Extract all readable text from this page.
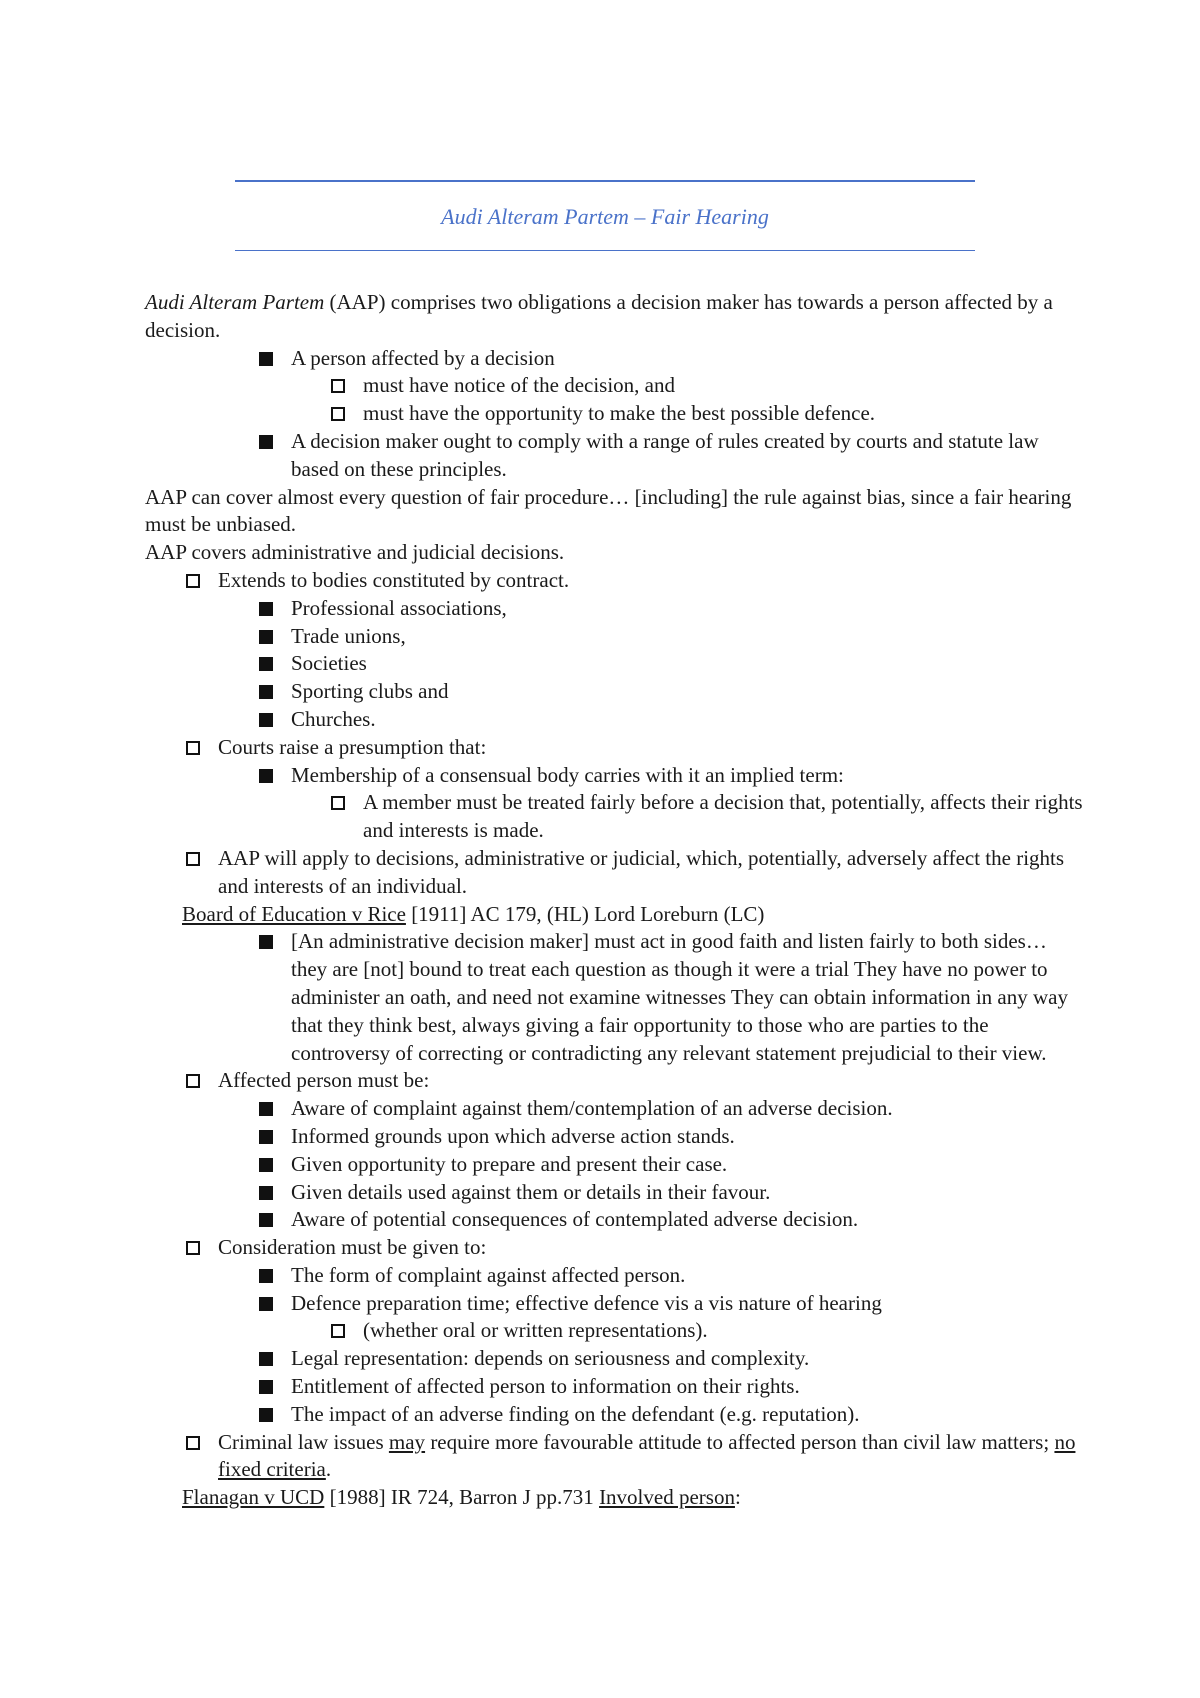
Audi Alteram Partem – Fair Hearing

Audi Alteram Partem (AAP) comprises two obligations a decision maker has towards a person affected by a decision.

A person affected by a decision
must have notice of the decision, and
must have the opportunity to make the best possible defence.
A decision maker ought to comply with a range of rules created by courts and statute law based on these principles.

AAP can cover almost every question of fair procedure… [including] the rule against bias, since a fair hearing must be unbiased.

AAP covers administrative and judicial decisions.

Extends to bodies constituted by contract.
Professional associations,
Trade unions,
Societies
Sporting clubs and
Churches.
Courts raise a presumption that:
Membership of a consensual body carries with it an implied term:
A member must be treated fairly before a decision that, potentially, affects their rights and interests is made.
AAP will apply to decisions, administrative or judicial, which, potentially, adversely affect the rights and interests of an individual.

Board of Education v Rice [1911] AC 179, (HL) Lord Loreburn (LC)

[An administrative decision maker] must act in good faith and listen fairly to both sides… they are [not] bound to treat each question as though it were a trial They have no power to administer an oath, and need not examine witnesses They can obtain information in any way that they think best, always giving a fair opportunity to those who are parties to the controversy of correcting or contradicting any relevant statement prejudicial to their view.
Affected person must be:
Aware of complaint against them/contemplation of an adverse decision.
Informed grounds upon which adverse action stands.
Given opportunity to prepare and present their case.
Given details used against them or details in their favour.
Aware of potential consequences of contemplated adverse decision.
Consideration must be given to:
The form of complaint against affected person.
Defence preparation time; effective defence vis a vis nature of hearing
(whether oral or written representations).
Legal representation: depends on seriousness and complexity.
Entitlement of affected person to information on their rights.
The impact of an adverse finding on the defendant (e.g. reputation).
Criminal law issues may require more favourable attitude to affected person than civil law matters; no fixed criteria.

Flanagan v UCD [1988] IR 724, Barron J pp.731 Involved person:
